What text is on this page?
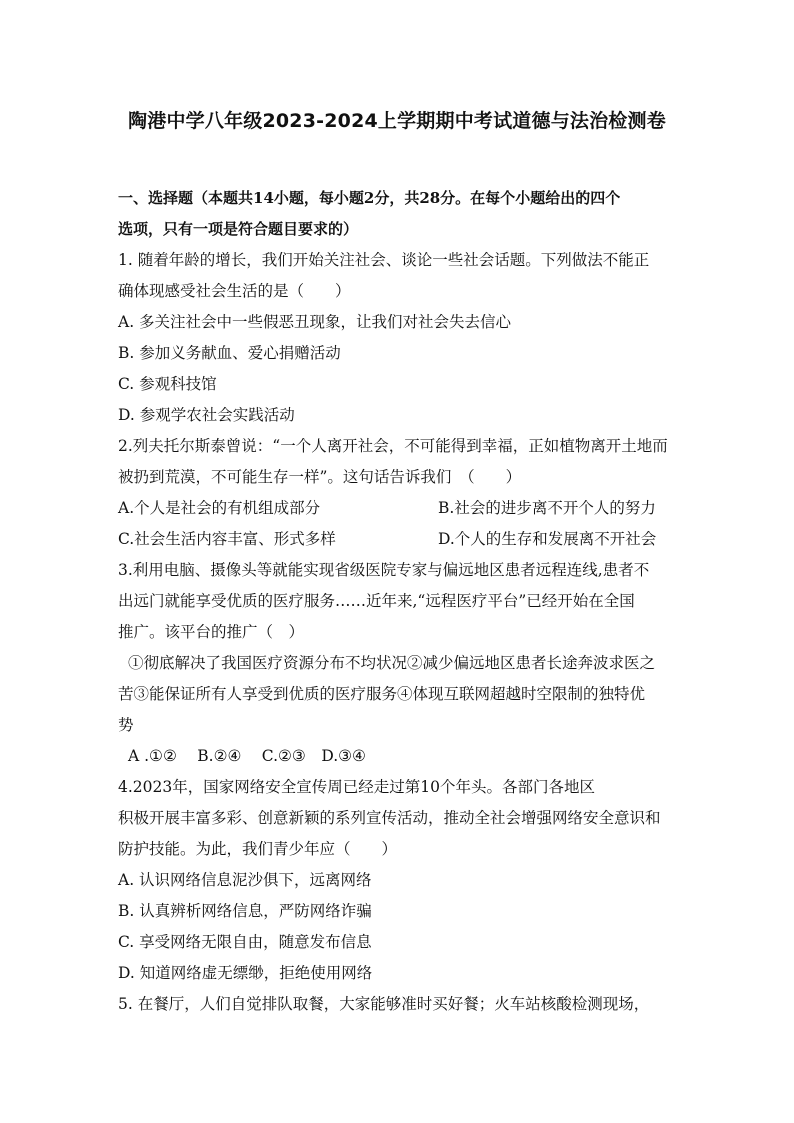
陶港中学八年级2023-2024上学期期中考试道德与法治检测卷
一、选择题（本题共14小题，每小题2分，共28分。在每个小题给出的四个
选项，只有一项是符合题目要求的）
1. 随着年龄的增长，我们开始关注社会、谈论一些社会话题。下列做法不能正
确体现感受社会生活的是（　　）
A. 多关注社会中一些假恶丑现象，让我们对社会失去信心
B. 参加义务献血、爱心捐赠活动
C. 参观科技馆
D. 参观学农社会实践活动
2.列夫托尔斯泰曾说：“一个人离开社会，不可能得到幸福，正如植物离开土地而
被扔到荒漠，不可能生存一样”。这句话告诉我们　（　　）
A.个人是社会的有机组成部分	B.社会的进步离不开个人的努力
C.社会生活内容丰富、形式多样	D.个人的生存和发展离不开社会
3.利用电脑、摄像头等就能实现省级医院专家与偏远地区患者远程连线,患者不
出远门就能享受优质的医疗服务……近年来,“远程医疗平台”已经开始在全国
推广。该平台的推广（　）
①彻底解决了我国医疗资源分布不均状况②减少偏远地区患者长途奔波求医之
苦③能保证所有人享受到优质的医疗服务④体现互联网超越时空限制的独特优
势
A .①②　 B.②④　 C.②③　D.③④
4.2023年，国家网络安全宣传周已经走过第10个年头。各部门各地区
积极开展丰富多彩、创意新颖的系列宣传活动，推动全社会增强网络安全意识和
防护技能。为此，我们青少年应（　　）
A. 认识网络信息泥沙俱下，远离网络
B. 认真辨析网络信息，严防网络诈骗
C. 享受网络无限自由，随意发布信息
D. 知道网络虚无缥缈，拒绝使用网络
5. 在餐厅，人们自觉排队取餐，大家能够准时买好餐；火车站核酸检测现场，
